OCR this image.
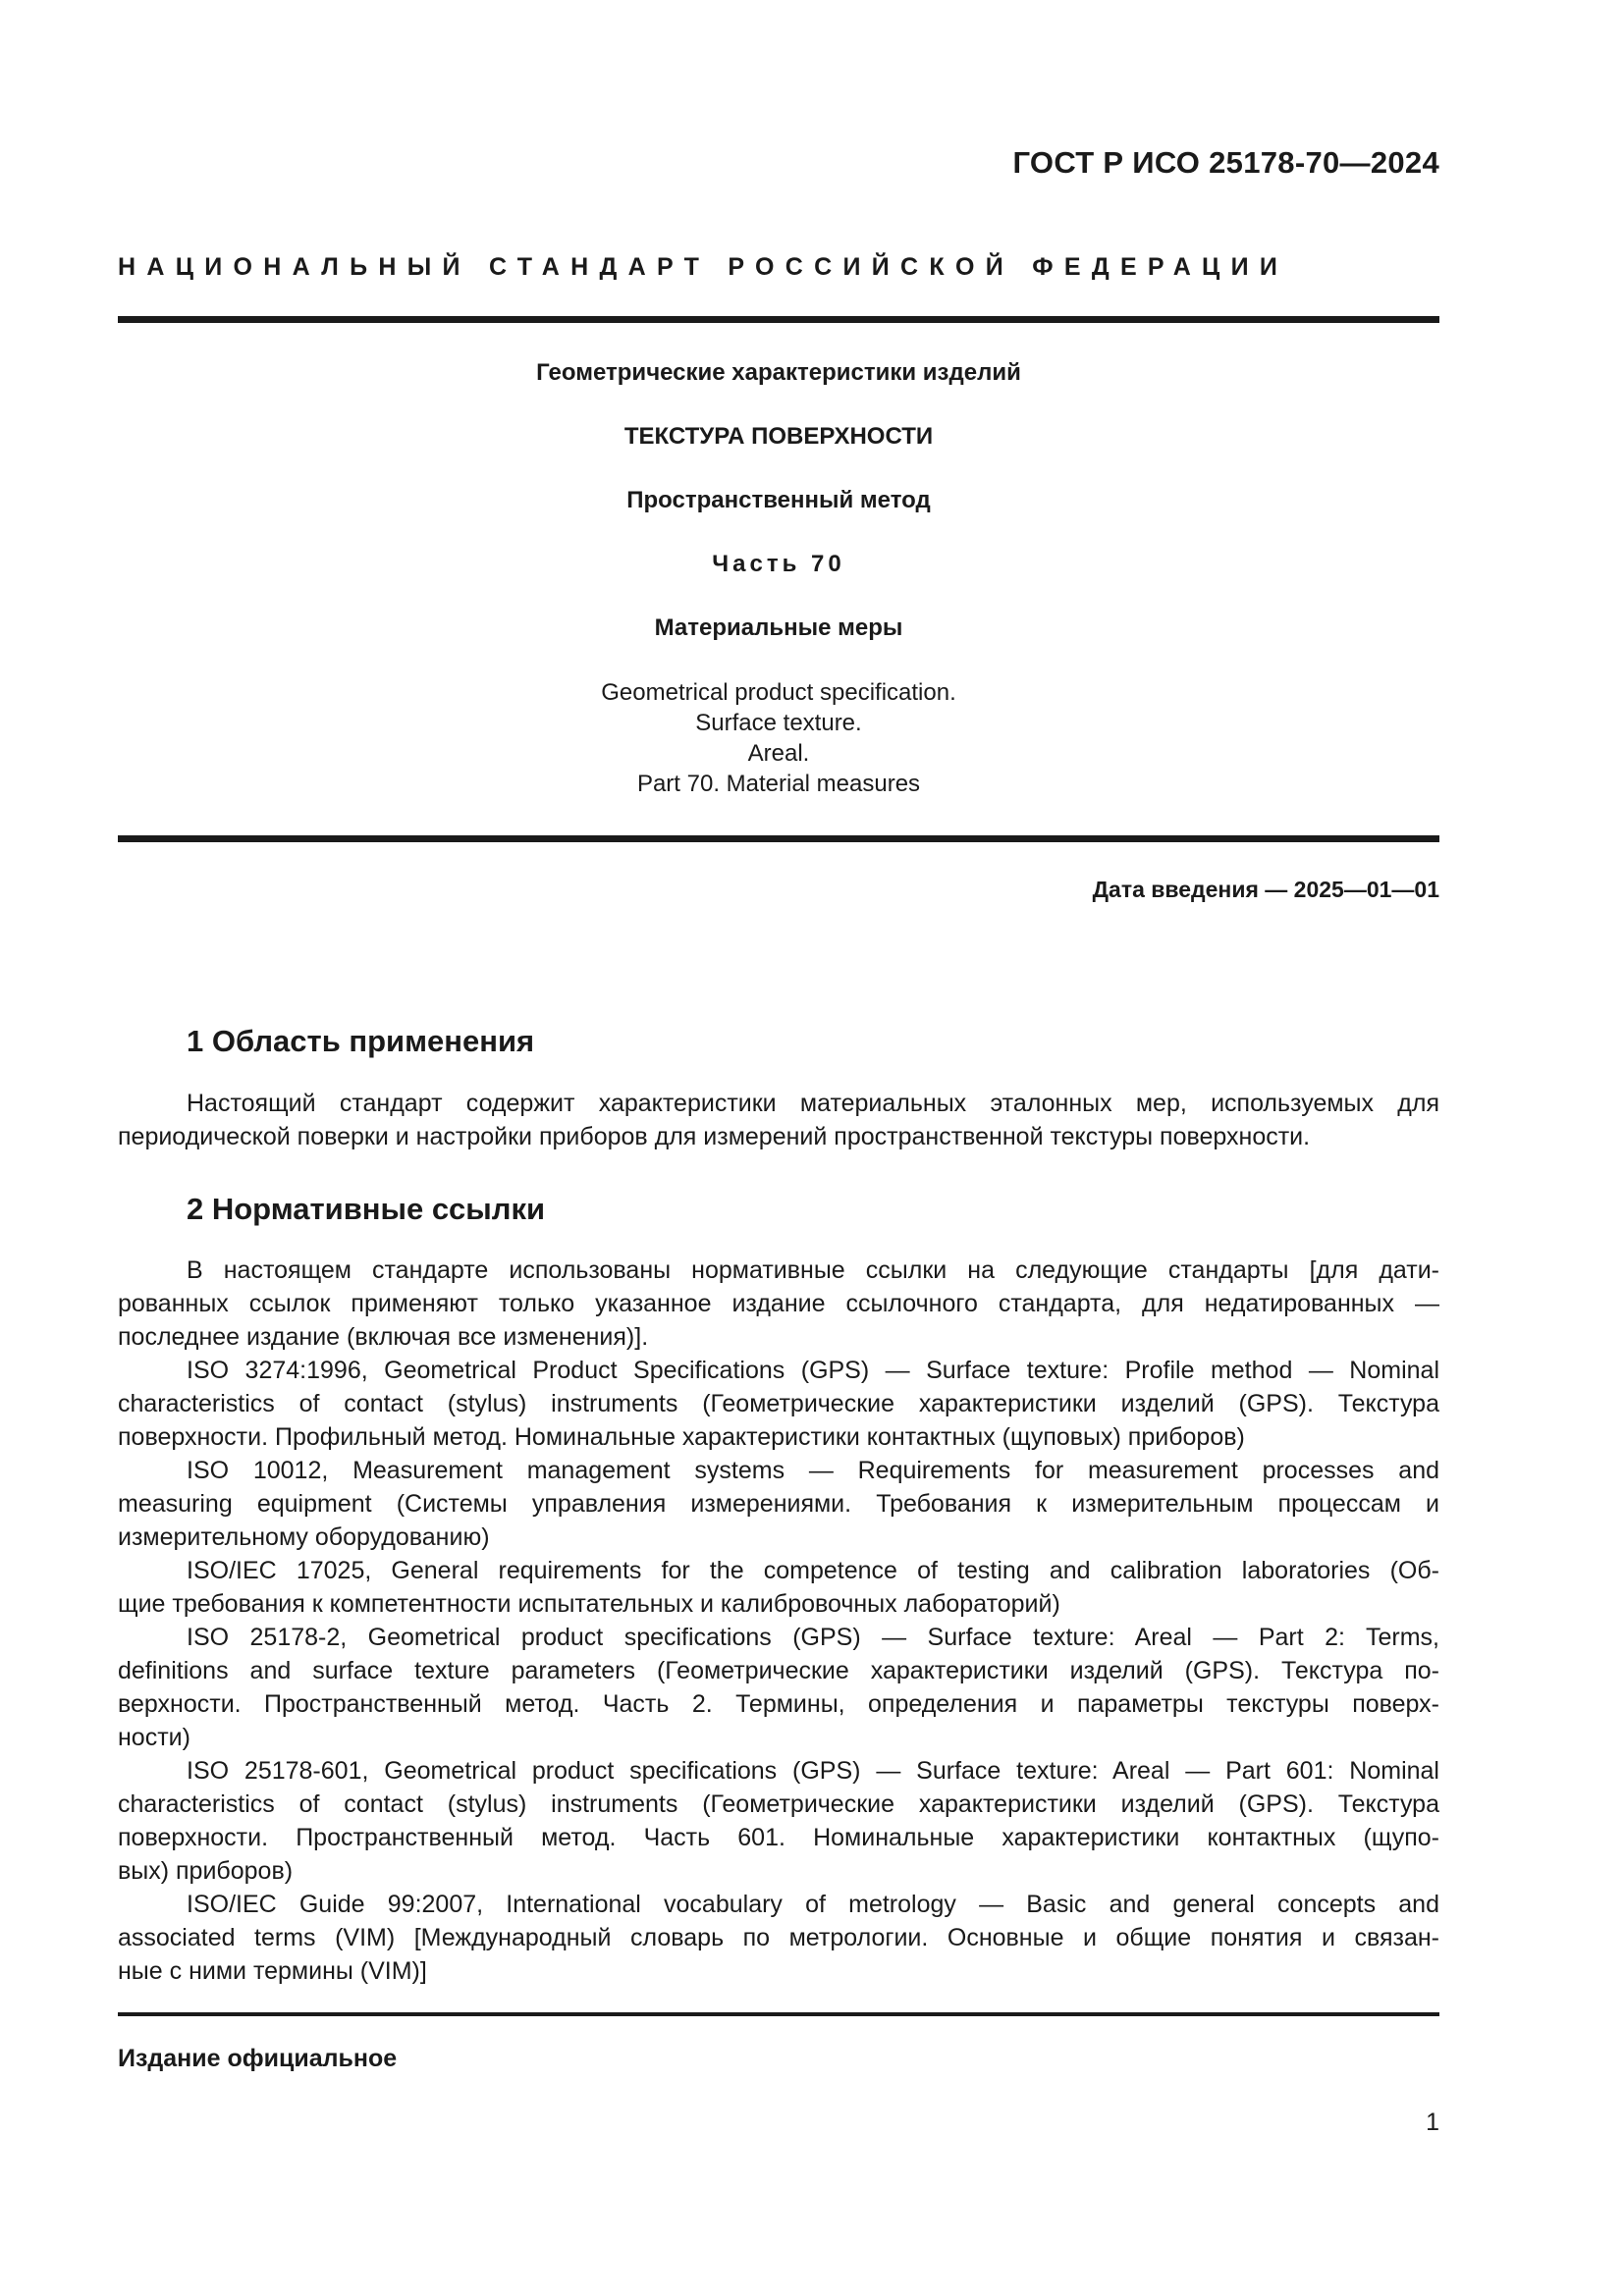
ГОСТ Р ИСО 25178-70—2024
НАЦИОНАЛЬНЫЙ СТАНДАРТ РОССИЙСКОЙ ФЕДЕРАЦИИ
Геометрические характеристики изделий
ТЕКСТУРА ПОВЕРХНОСТИ
Пространственный метод
Часть 70
Материальные меры
Geometrical product specification.
Surface texture.
Areal.
Part 70. Material measures
Дата введения — 2025—01—01
1 Область применения
Настоящий стандарт содержит характеристики материальных эталонных мер, используемых для
периодической поверки и настройки приборов для измерений пространственной текстуры поверхности.
2 Нормативные ссылки
В настоящем стандарте использованы нормативные ссылки на следующие стандарты [для дати-
рованных ссылок применяют только указанное издание ссылочного стандарта, для недатированных —
последнее издание (включая все изменения)].
ISO 3274:1996, Geometrical Product Specifications (GPS) — Surface texture: Profile method — Nominal
characteristics of contact (stylus) instruments (Геометрические характеристики изделий (GPS). Текстура
поверхности. Профильный метод. Номинальные характеристики контактных (щуповых) приборов)
ISO 10012, Measurement management systems — Requirements for measurement processes and
measuring equipment (Системы управления измерениями. Требования к измерительным процессам и
измерительному оборудованию)
ISO/IEC 17025, General requirements for the competence of testing and calibration laboratories (Об-
щие требования к компетентности испытательных и калибровочных лабораторий)
ISO 25178-2, Geometrical product specifications (GPS) — Surface texture: Areal — Part 2: Terms,
definitions and surface texture parameters (Геометрические характеристики изделий (GPS). Текстура по-
верхности. Пространственный метод. Часть 2. Термины, определения и параметры текстуры поверх-
ности)
ISO 25178-601, Geometrical product specifications (GPS) — Surface texture: Areal — Part 601: Nominal
characteristics of contact (stylus) instruments (Геометрические характеристики изделий (GPS). Текстура
поверхности. Пространственный метод. Часть 601. Номинальные характеристики контактных (щупо-
вых) приборов)
ISO/IEC Guide 99:2007, International vocabulary of metrology — Basic and general concepts and
associated terms (VIM) [Международный словарь по метрологии. Основные и общие понятия и связан-
ные с ними термины (VIM)]
Издание официальное
1
